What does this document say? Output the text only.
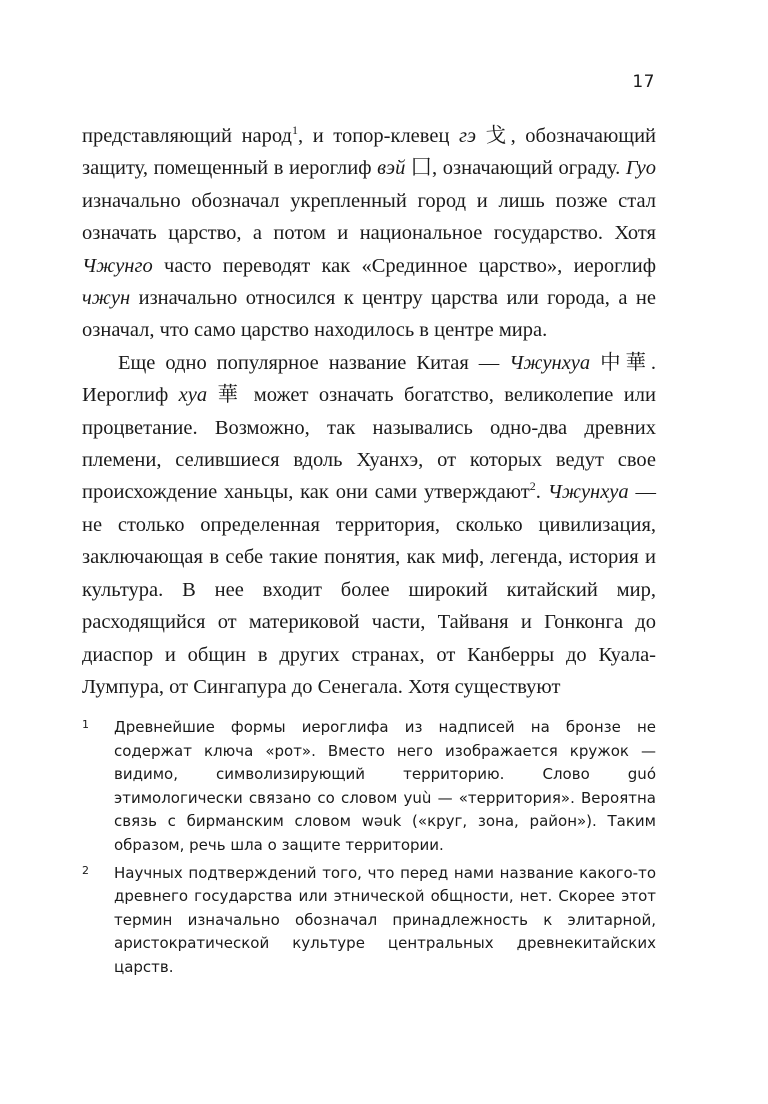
17

представляющий народ$^1$, и топор-клевец гэ 戈, обозначающий защиту, помещенный в иероглиф вэй 囗, означающий ограду. Гуо изначально обозначал укрепленный город и лишь позже стал означать царство, а потом и национальное государство. Хотя Чжунго часто переводят как «Срединное царство», иероглиф чжун изначально относился к центру царства или города, а не означал, что само царство находилось в центре мира.

Еще одно популярное название Китая — Чжунхуа 中華. Иероглиф хуа 華 может означать богатство, великолепие или процветание. Возможно, так назывались одно-два древних племени, селившиеся вдоль Хуанхэ, от которых ведут свое происхождение ханьцы, как они сами утверждают$^2$. Чжунхуа — не столько определенная территория, сколько цивилизация, заключающая в себе такие понятия, как миф, легенда, история и культура. В нее входит более широкий китайский мир, расходящийся от материковой части, Тайваня и Гонконга до диаспор и общин в других странах, от Канберры до Куала-Лумпура, от Сингапура до Сенегала. Хотя существуют

1	Древнейшие формы иероглифа из надписей на бронзе не содержат ключа «рот». Вместо него изображается кружок — видимо, символизирующий территорию. Слово guó этимологически связано со словом yuù — «территория». Вероятна связь с бирманским словом wəuk («круг, зона, район»). Таким образом, речь шла о защите территории.
2	Научных подтверждений того, что перед нами название какого-то древнего государства или этнической общности, нет. Скорее этот термин изначально обозначал принадлежность к элитарной, аристократической культуре центральных древнекитайских царств.
